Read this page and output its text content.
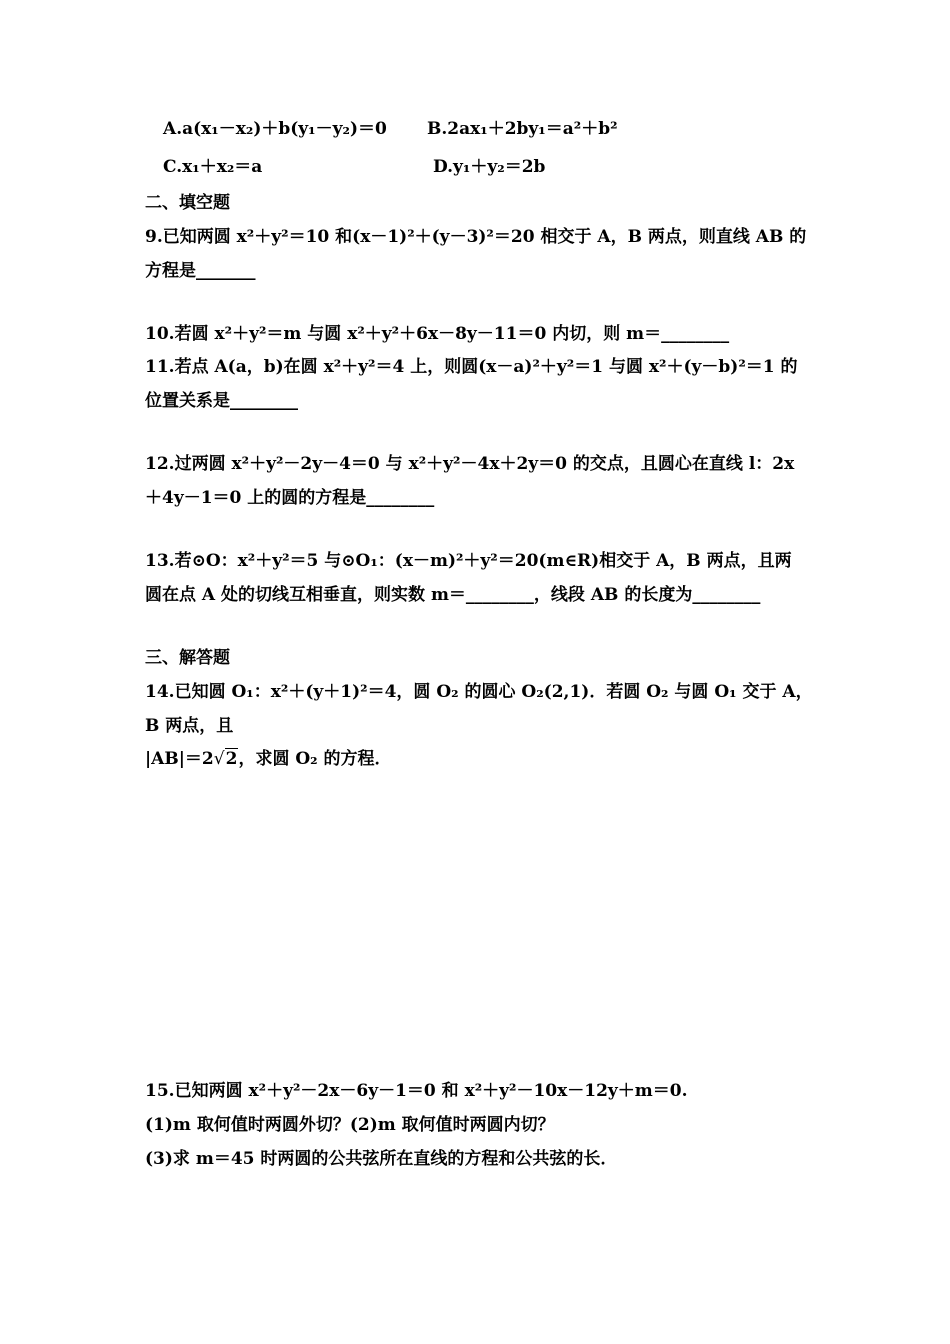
A.a(x₁－x₂)＋b(y₁－y₂)＝0 B.2ax₁＋2by₁＝a²＋b²
C.x₁＋x₂＝a	D.y₁＋y₂＝2b
二、填空题
9.已知两圆 x²＋y²＝10 和(x－1)²＋(y－3)²＝20 相交于 A，B 两点，则直线 AB 的
方程是_______
10.若圆 x²＋y²＝m 与圆 x²＋y²＋6x－8y－11＝0 内切，则 m＝________
11.若点 A(a，b)在圆 x²＋y²＝4 上，则圆(x－a)²＋y²＝1 与圆 x²＋(y－b)²＝1 的
位置关系是________
12.过两圆 x²＋y²－2y－4＝0 与 x²＋y²－4x＋2y＝0 的交点，且圆心在直线 l：2x
＋4y－1＝0 上的圆的方程是________
13.若⊙O：x²＋y²＝5 与⊙O₁：(x－m)²＋y²＝20(m∈R)相交于 A，B 两点，且两
圆在点 A 处的切线互相垂直，则实数 m＝________，线段 AB 的长度为________
三、解答题
14.已知圆 O₁：x²＋(y＋1)²＝4，圆 O₂ 的圆心 O₂(2,1)．若圆 O₂ 与圆 O₁ 交于 A，
B 两点，且
|AB|＝2√2，求圆 O₂ 的方程．
15.已知两圆 x²＋y²－2x－6y－1＝0 和 x²＋y²－10x－12y＋m＝0.
(1)m 取何值时两圆外切？(2)m 取何值时两圆内切？
(3)求 m＝45 时两圆的公共弦所在直线的方程和公共弦的长．
